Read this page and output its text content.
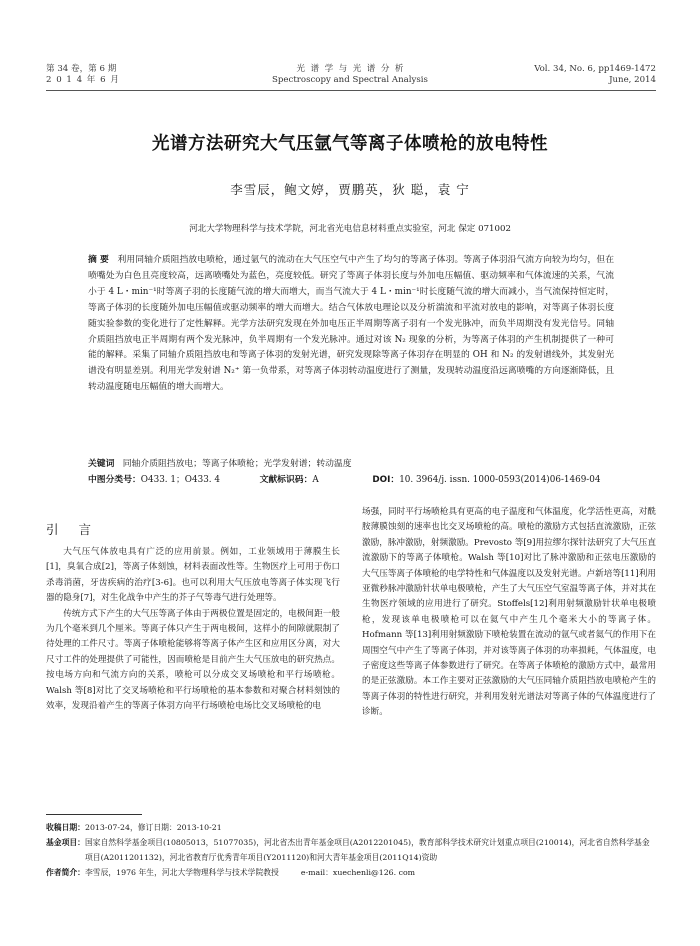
第 34 卷，第 6 期
2 0 1 4 年 6 月
光  谱  学  与  光  谱  分  析
Spectroscopy and Spectral Analysis
Vol. 34, No. 6, pp1469-1472
June, 2014
光谱方法研究大气压氩气等离子体喷枪的放电特性
李雪辰，鲍文婷，贾鹏英，狄 聪，袁 宁
河北大学物理科学与技术学院，河北省光电信息材料重点实验室，河北 保定 071002
摘 要 利用同轴介质阻挡放电喷枪，通过氩气的流动在大气压空气中产生了均匀的等离子体羽。等离子体羽沿气流方向较为均匀，但在喷嘴处为白色且亮度较高，远离喷嘴处为蓝色，亮度较低。研究了等离子体羽长度与外加电压幅值、驱动频率和气体流速的关系，气流小于 4 L・min⁻¹时等离子羽的长度随气流的增大而增大，而当气流大于 4 L・min⁻¹时长度随气流的增大而减小，当气流保持恒定时，等离子体羽的长度随外加电压幅值或驱动频率的增大而增大。结合气体放电理论以及分析湍流和平流对放电的影响，对等离子体羽长度随实验参数的变化进行了定性解释。光学方法研究发现在外加电压正半周期等离子羽有一个发光脉冲，而负半周期没有发光信号。同轴介质阻挡放电正半周期有两个发光脉冲，负半周期有一个发光脉冲。通过对该 N₂ 现象的分析，为等离子体羽的产生机制提供了一种可能的解释。采集了同轴介质阻挡放电和等离子体羽的发射光谱，研究发现除等离子体羽存在明显的 OH 和 N₂ 的发射谱线外，其发射光谱没有明显差别。利用光学发射谱 N₂⁺ 第一负带系，对等离子体羽转动温度进行了测量，发现转动温度沿远离喷嘴的方向逐渐降低，且转动温度随电压幅值的增大而增大。
关键词 同轴介质阻挡放电；等离子体喷枪；光学发射谱；转动温度
中图分类号：O433. 1；O433. 4	文献标识码：A	DOI：10. 3964/j. issn. 1000-0593(2014)06-1469-04
引 言

大气压气体放电具有广泛的应用前景。例如，工业领域用于薄膜生长[1]，臭氧合成[2]，等离子体刻蚀，材料表面改性等。生物医疗上可用于伤口杀毒消菌，牙齿疾病的治疗[3-6]。也可以利用大气压放电等离子体实现飞行器的隐身[7]，对生化战争中产生的芥子气等毒气进行处理等。

传统方式下产生的大气压等离子体由于两极位置是固定的，电极间距一般为几个毫米到几个厘米。等离子体只产生于两电极间，这样小的间隙就限制了待处理的工件尺寸。等离子体喷枪能够将等离子体产生区和应用区分离，对大尺寸工件的处理提供了可能性，因而喷枪是目前产生大气压放电的研究热点。按电场方向和气流方向的关系，喷枪可以分成交叉场喷枪和平行场喷枪。Walsh 等[8]对比了交叉场喷枪和平行场喷枪的基本参数和对聚合材料刻蚀的效率，发现沿着产生的等离子体羽方向平行场喷枪电场比交叉场喷枪的电

场强，同时平行场喷枪具有更高的电子温度和气体温度，化学活性更高，对酰胺薄膜蚀刻的速率也比交叉场喷枪的高。喷枪的激励方式包括直流激励，正弦激励，脉冲激励，射频激励。Prevosto 等[9]用拉缪尔探针法研究了大气压直流激励下的等离子体喷枪。Walsh 等[10]对比了脉冲激励和正弦电压激励的大气压等离子体喷枪的电学特性和气体温度以及发射光谱。卢新培等[11]利用亚微秒脉冲激励针状单电极喷枪，产生了大气压空气室温等离子体，并对其在生物医疗领域的应用进行了研究。Stoffels[12]利用射频激励针状单电极喷枪，发现该单电极喷枪可以在氦气中产生几个毫米大小的等离子体。Hofmann 等[13]利用射频激励下喷枪装置在流动的氩气或者氦气的作用下在周围空气中产生了等离子体羽，并对该等离子体羽的功率损耗，气体温度，电子密度这些等离子体参数进行了研究。在等离子体喷枪的激励方式中，最常用的是正弦激励。本工作主要对正弦激励的大气压同轴介质阻挡放电喷枪产生的等离子体羽的特性进行研究，并利用发射光谱法对等离子体的气体温度进行了诊断。

收稿日期： 2013-07-24，修订日期：2013-10-21
基金项目： 国家自然科学基金项目(10805013，51077035)，河北省杰出青年基金项目(A2012201045)，教育部科学技术研究计划重点项目(210014)，河北省自然科学基金项目(A2011201132)，河北省教育厅优秀青年项目(Y2011120)和河大青年基金项目(2011Q14)资助
作者简介： 李雪辰，1976 年生，河北大学物理科学与技术学院教授	e-mail：xuechenli@126. com
